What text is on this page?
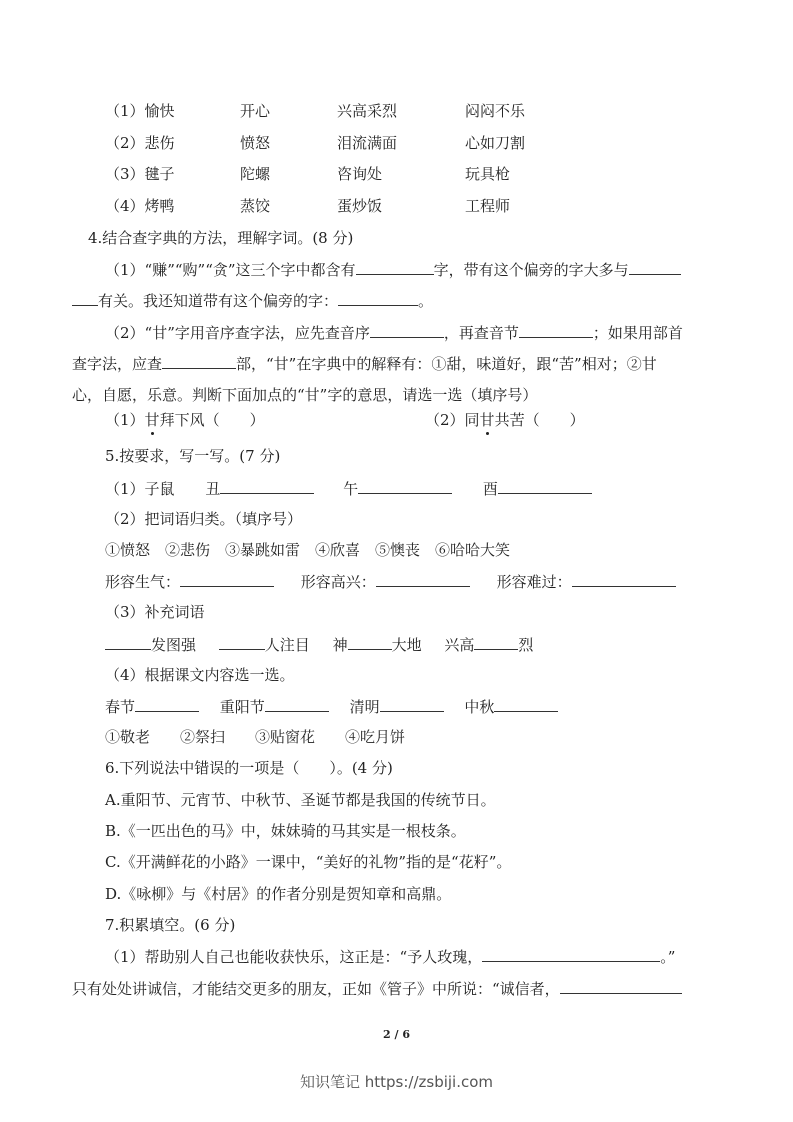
（1）愉快	开心	兴高采烈	闷闷不乐
（2）悲伤	愤怒	泪流满面	心如刀割
（3）毽子	陀螺	咨询处	玩具枪
（4）烤鸭	蒸饺	蛋炒饭	工程师
4.结合查字典的方法，理解字词。(8 分)
（1）“赚”“购”“贪”这三个字中都含有	字，带有这个偏旁的字大多与
有关。我还知道带有这个偏旁的字：	。
（2）“甘”字用音序查字法，应先查音序	，再查音节	；如果用部首
查字法，应查	部，“甘”在字典中的解释有：①甜，味道好，跟“苦”相对；②甘
心，自愿，乐意。判断下面加点的“甘”字的意思，请选一选（填序号）
（1）甘拜下风（　　）	（2）同甘共苦（　　）
5.按要求，写一写。(7 分)
（1）子鼠 丑	午	酉
（2）把词语归类。（填序号）
①愤怒　②悲伤　③暴跳如雷　④欣喜　⑤懊丧　⑥哈哈大笑
形容生气：	形容高兴：	形容难过：
（3）补充词语
发图强	人注目 神	大地 兴高	烈
（4）根据课文内容选一选。
春节	重阳节	清明	中秋
①敬老　　②祭扫　　③贴窗花　　④吃月饼
6.下列说法中错误的一项是（　　）。(4 分)
A.重阳节、元宵节、中秋节、圣诞节都是我国的传统节日。
B.《一匹出色的马》中，妹妹骑的马其实是一根枝条。
C.《开满鲜花的小路》一课中，“美好的礼物”指的是“花籽”。
D.《咏柳》与《村居》的作者分别是贺知章和高鼎。
7.积累填空。(6 分)
（1）帮助别人自己也能收获快乐，这正是：“予人玫瑰，	。”
只有处处讲诚信，才能结交更多的朋友，正如《管子》中所说：“诚信者，
2 / 6
知识笔记 https://zsbiji.com
